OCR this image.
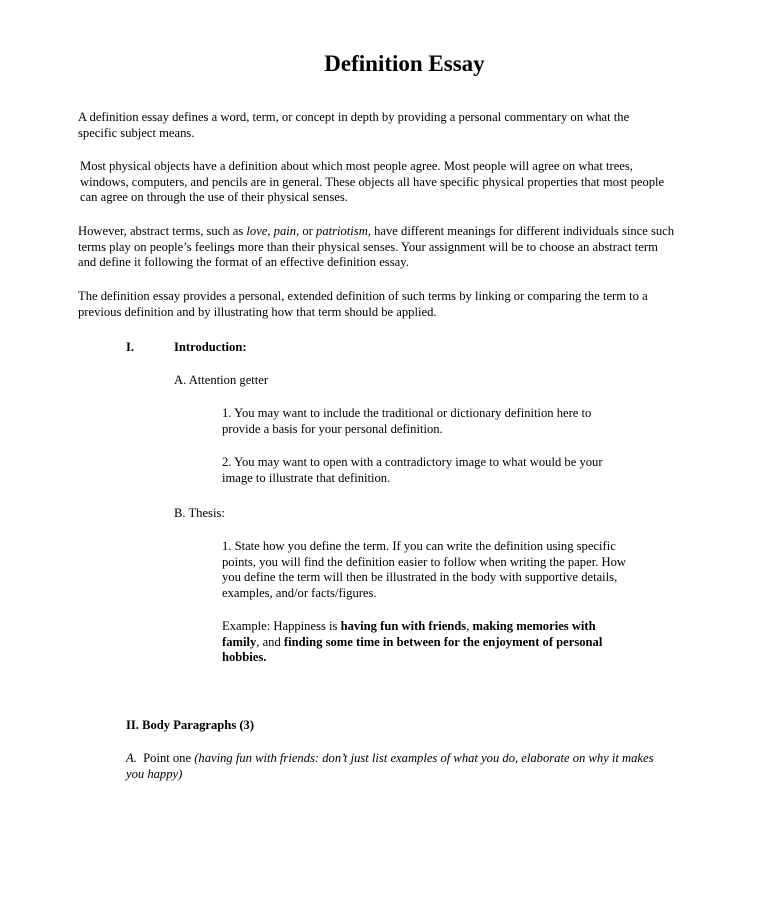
Definition Essay

A definition essay defines a word, term, or concept in depth by providing a personal commentary on what the specific subject means.

Most physical objects have a definition about which most people agree. Most people will agree on what trees, windows, computers, and pencils are in general. These objects all have specific physical properties that most people can agree on through the use of their physical senses.

However, abstract terms, such as love, pain, or patriotism, have different meanings for different individuals since such terms play on people’s feelings more than their physical senses. Your assignment will be to choose an abstract term and define it following the format of an effective definition essay.

The definition essay provides a personal, extended definition of such terms by linking or comparing the term to a previous definition and by illustrating how that term should be applied.

I.	Introduction:
A. Attention getter

1. You may want to include the traditional or dictionary definition here to provide a basis for your personal definition.

2. You may want to open with a contradictory image to what would be your image to illustrate that definition.

B. Thesis:

1. State how you define the term. If you can write the definition using specific points, you will find the definition easier to follow when writing the paper. How you define the term will then be illustrated in the body with supportive details, examples, and/or facts/figures.

Example: Happiness is having fun with friends, making memories with family, and finding some time in between for the enjoyment of personal hobbies.

II. Body Paragraphs (3)

A.  Point one (having fun with friends: don’t just list examples of what you do, elaborate on why it makes you happy)
